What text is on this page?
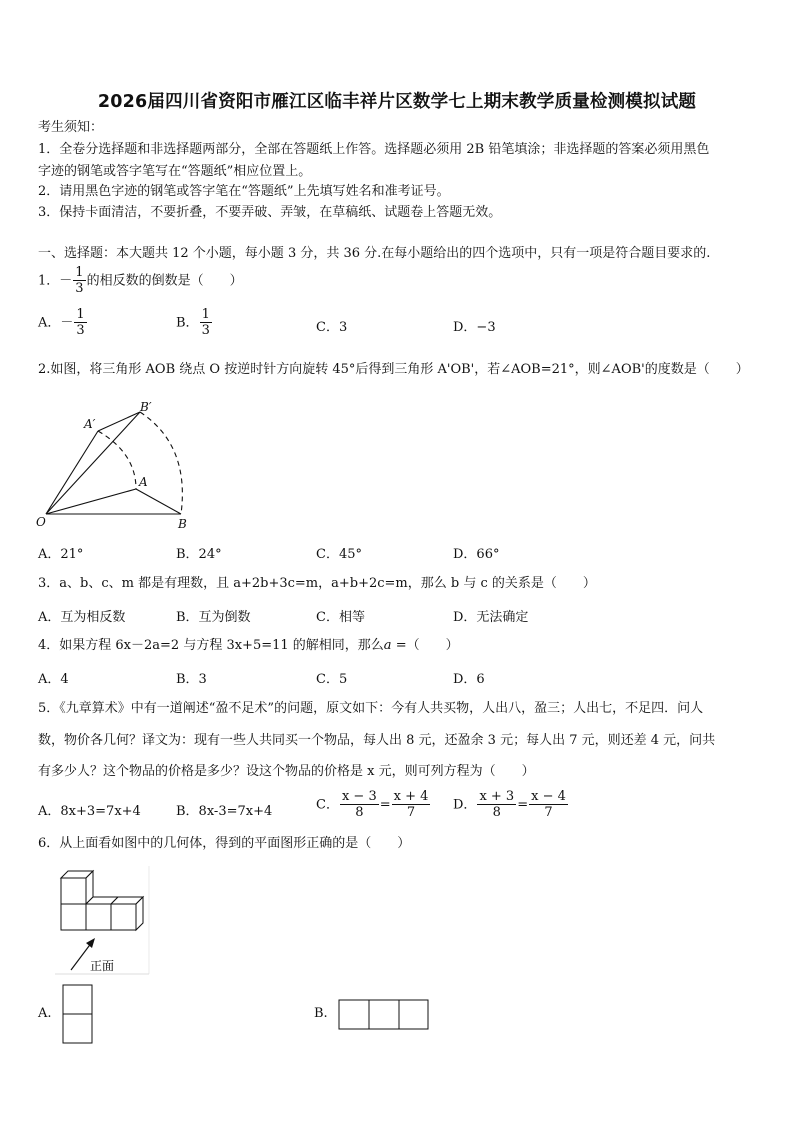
2026届四川省资阳市雁江区临丰祥片区数学七上期末教学质量检测模拟试题
考生须知：
1．全卷分选择题和非选择题两部分，全部在答题纸上作答。选择题必须用 2B 铅笔填涂；非选择题的答案必须用黑色
字迹的钢笔或答字笔写在“答题纸”相应位置上。
2．请用黑色字迹的钢笔或答字笔在“答题纸”上先填写姓名和准考证号。
3．保持卡面清洁，不要折叠，不要弄破、弄皱，在草稿纸、试题卷上答题无效。
一、选择题：本大题共 12 个小题，每小题 3 分，共 36 分.在每小题给出的四个选项中，只有一项是符合题目要求的.
1．－ $\frac{1}{3}$ 的相反数的倒数是（　　）
A．－ $\frac{1}{3}$	B． $\frac{1}{3}$	C．3	D．−3
2.如图，将三角形 AOB 绕点 O 按逆时针方向旋转 45°后得到三角形 A'OB'，若∠AOB=21°，则∠AOB'的度数是（　　）
A′
B′
A
O	B
A．21°	B．24°	C．45°	D．66°
3．a、b、c、m 都是有理数，且 a+2b+3c=m，a+b+2c=m，那么 b 与 c 的关系是（　　）
A．互为相反数	B．互为倒数	C．相等	D．无法确定
4．如果方程 6x－2a=2 与方程 3x+5=11 的解相同，那么a =（　　）
A．4	B．3	C．5	D．6
5．《九章算术》中有一道阐述“盈不足术”的问题，原文如下：今有人共买物，人出八，盈三；人出七，不足四．问人
数，物价各几何？译文为：现有一些人共同买一个物品，每人出 8 元，还盈余 3 元；每人出 7 元，则还差 4 元，问共
有多少人？这个物品的价格是多少？设这个物品的价格是 x 元，则可列方程为（　　）
A．8x+3=7x+4	B．8x-3=7x+4	C． $\frac{x - 3}{8} = \frac{x + 4}{7}$ D． $\frac{x + 3}{8} = \frac{x - 4}{7}$
6．从上面看如图中的几何体，得到的平面图形正确的是（　　）
正面
A.	B.
